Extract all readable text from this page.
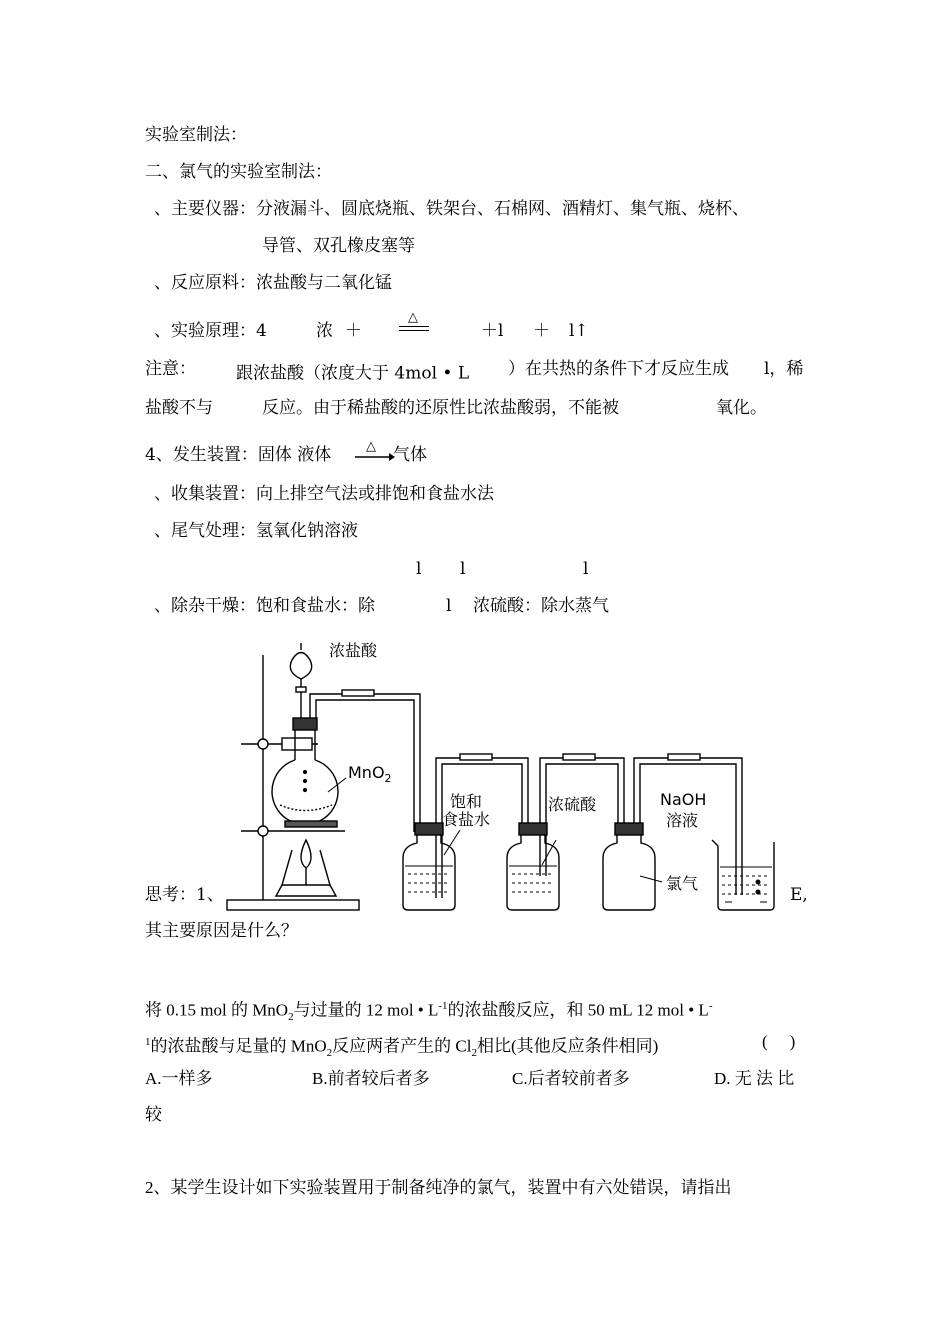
实验室制法：
二、氯气的实验室制法：
、主要仪器：分液漏斗、圆底烧瓶、铁架台、石棉网、酒精灯、集气瓶、烧杯、
导管、双孔橡皮塞等
、反应原料：浓盐酸与二氧化锰
、实验原理：4	浓 ＋
△
＋l ＋ l↑
注意： 跟浓盐酸（浓度大于 4mol • L ）在共热的条件下才反应生成 l，稀
盐酸不与	反应。由于稀盐酸的还原性比浓盐酸弱，不能被	氧化。
4、发生装置：固体 液体	△ 气体
、收集装置：向上排空气法或排饱和食盐水法
、尾气处理：氢氧化钠溶液
l l	l
、除杂干燥：饱和食盐水：除	l 浓硫酸：除水蒸气
浓盐酸
MnO$_2$
饱和
食盐水
浓硫酸	NaOH
溶液
氯气
思考：1、	E,
其主要原因是什么？
将 0.15 mol 的 MnO$_2$与过量的 12 mol • $L^{-1}$的浓盐酸反应，和 50 mL 12 mol • L-
$^1$的浓盐酸与足量的 MnO$_2$反应两者产生的 $Cl_2$相比(其他反应条件相同)	( )
A.一样多	B.前者较后者多	C.后者较前者多	D. 无 法 比
较
2、某学生设计如下实验装置用于制备纯净的氯气，装置中有六处错误，请指出
